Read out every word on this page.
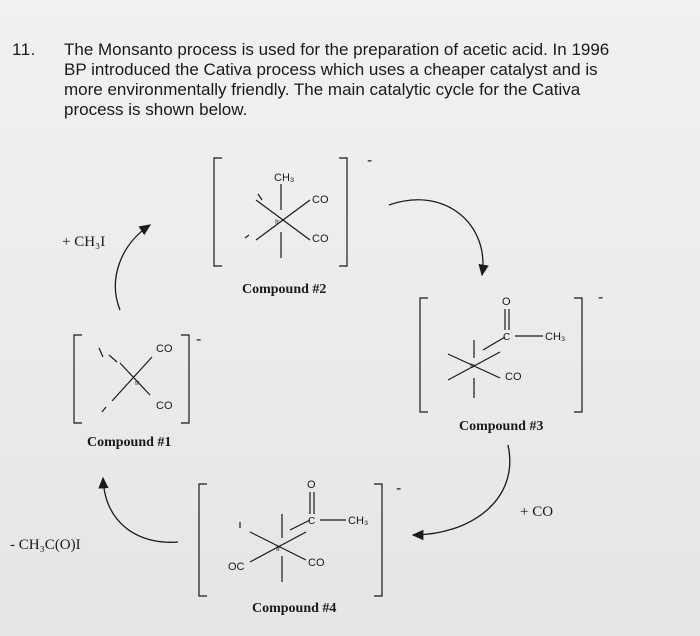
11. The Monsanto process is used for the preparation of acetic acid. In 1996
BP introduced the Cativa process which uses a cheaper catalyst and is
more environmentally friendly. The main catalytic cycle for the Cativa
process is shown below.

Ir
CO
CO
-
Compound #1
CH₃
Ir
CO
CO
-
Compound #2
O
C	CH₃
Ir
CO
-
Compound #3
O
C	CH₃
Ir
OC	CO
-
Compound #4
+ CH₃I
- CH₃C(O)I
+ CO
